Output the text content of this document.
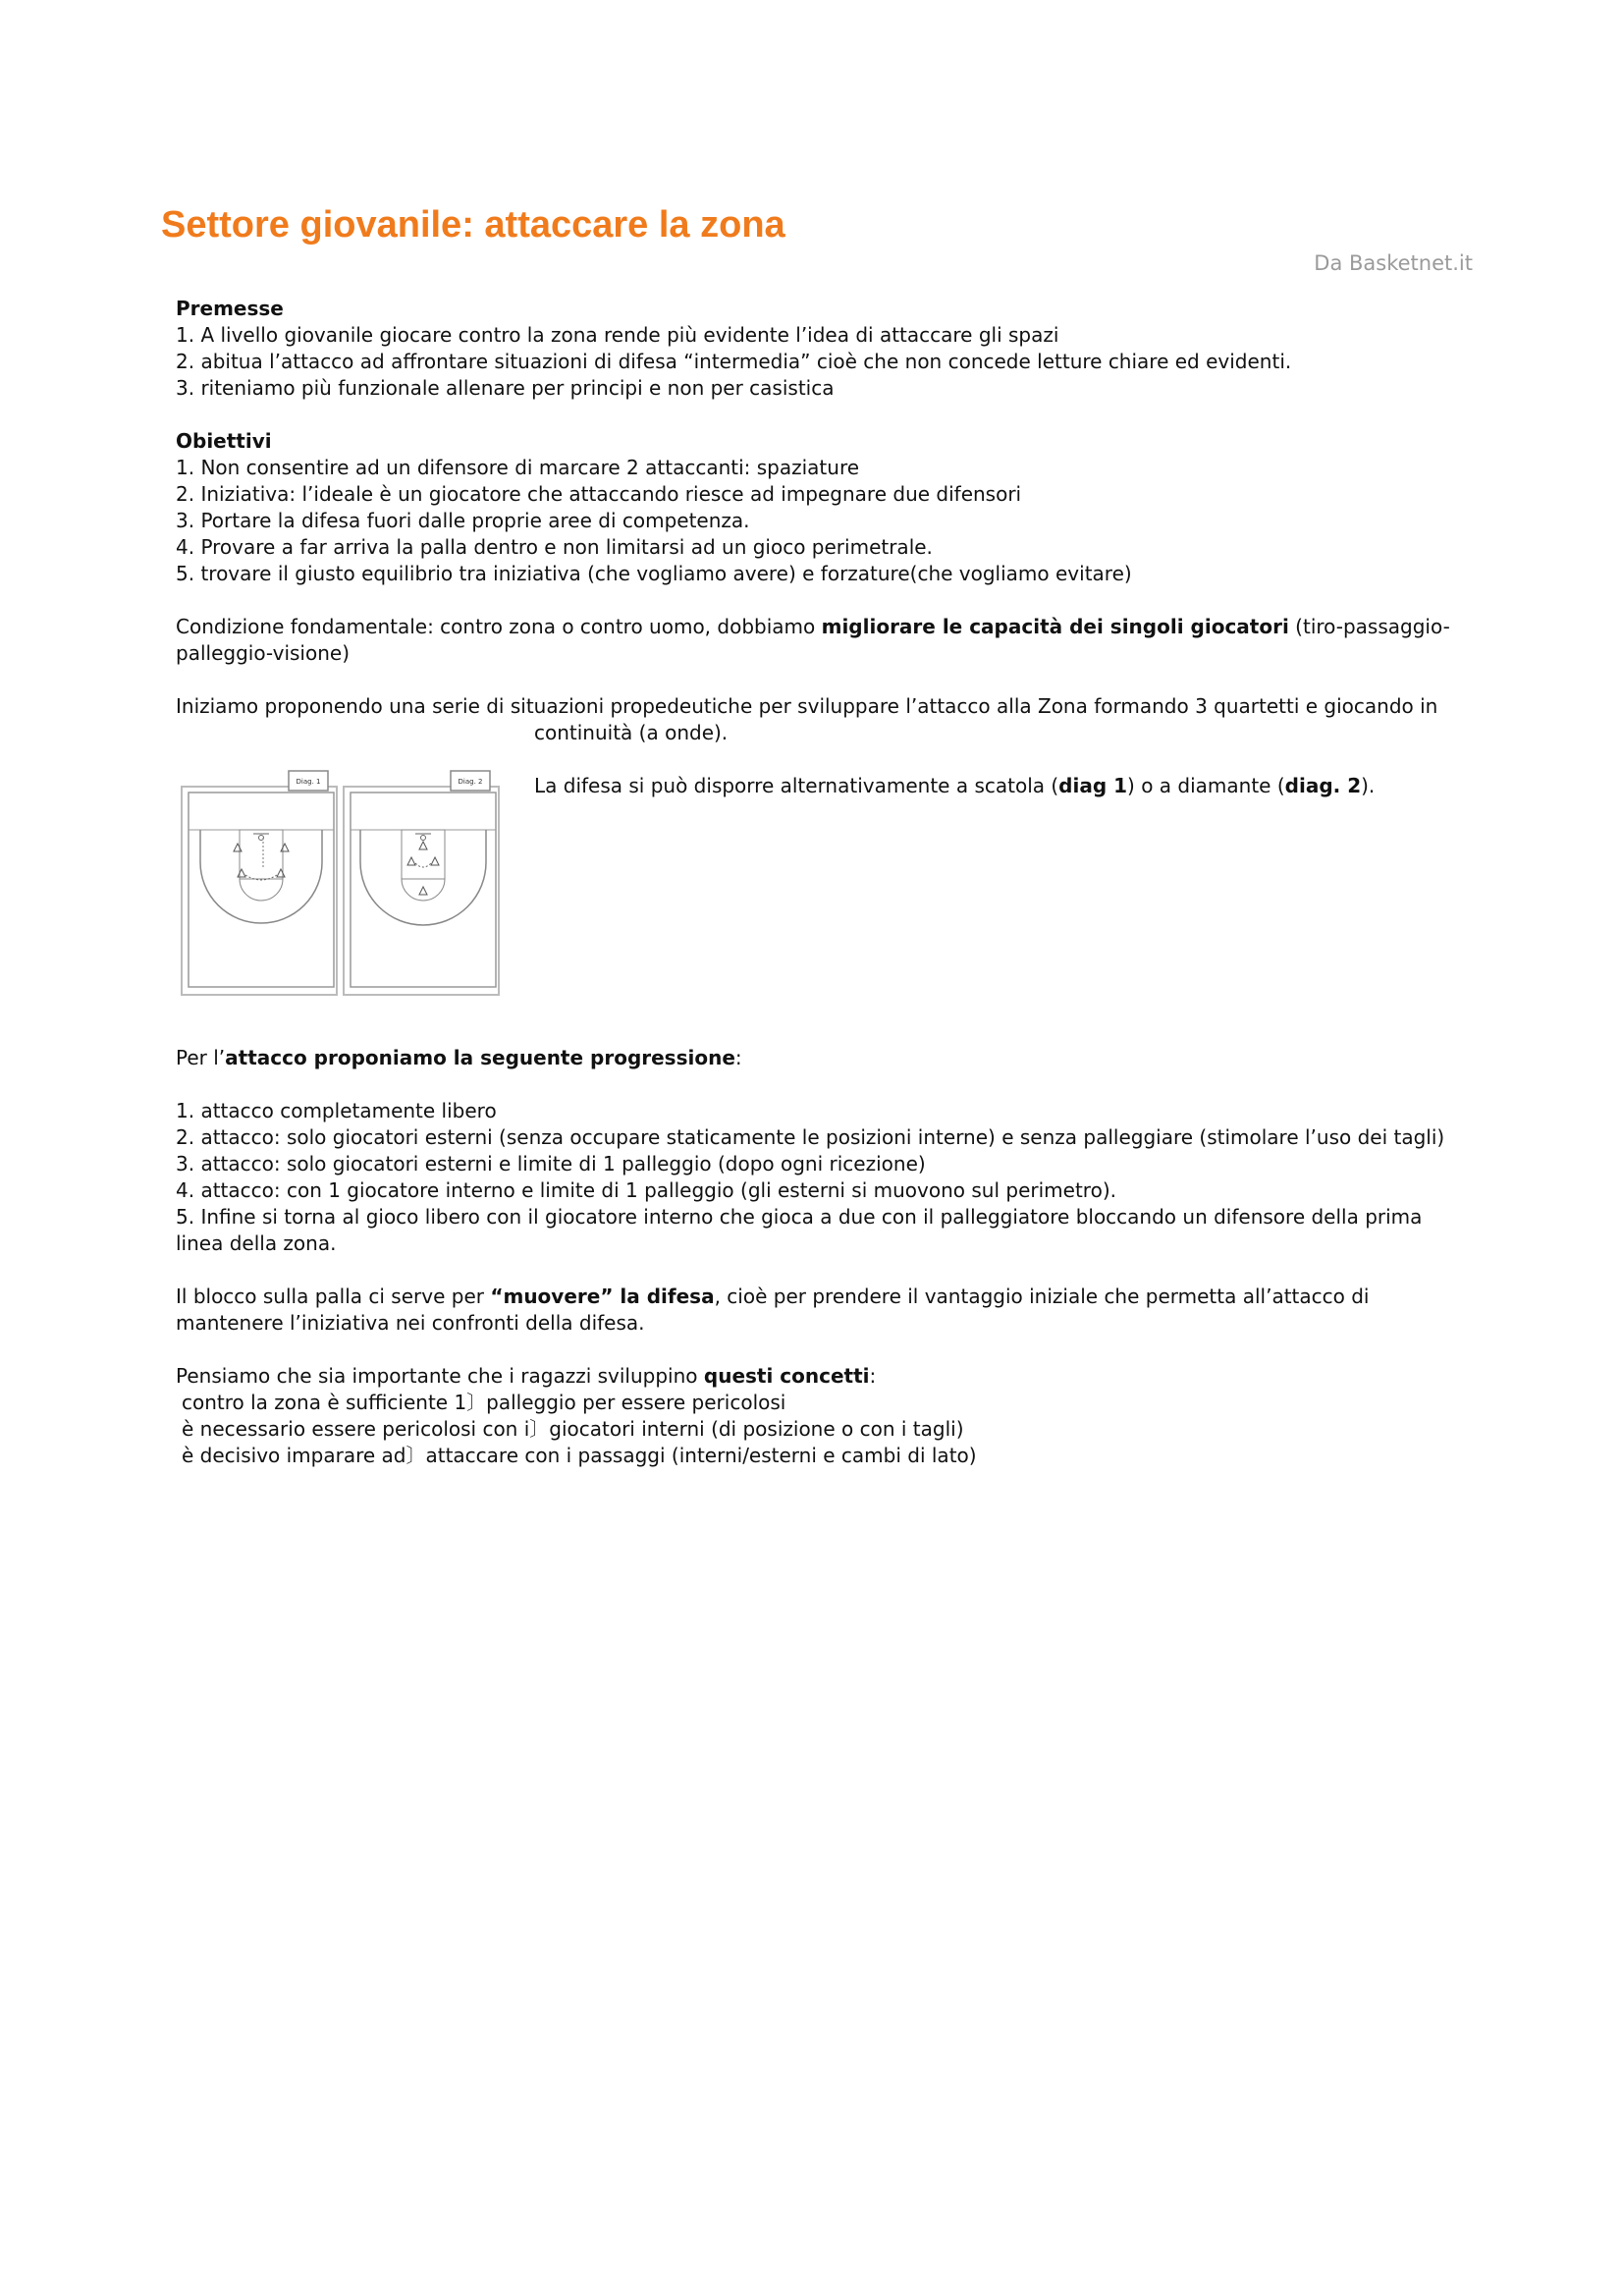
Settore giovanile: attaccare la zona
Da Basketnet.it

Premesse

1. A livello giovanile giocare contro la zona rende più evidente l’idea di attaccare gli spazi

2. abitua l’attacco ad affrontare situazioni di difesa “intermedia” cioè che non concede letture chiare ed evidenti.

3. riteniamo più funzionale allenare per principi e non per casistica

Obiettivi

1. Non consentire ad un difensore di marcare 2 attaccanti: spaziature

2. Iniziativa: l’ideale è un giocatore che attaccando riesce ad impegnare due difensori

3. Portare la difesa fuori dalle proprie aree di competenza.

4. Provare a far arriva la palla dentro e non limitarsi ad un gioco perimetrale.

5. trovare il giusto equilibrio tra iniziativa (che vogliamo avere) e forzature(che vogliamo evitare)

Condizione fondamentale: contro zona o contro uomo, dobbiamo migliorare le capacità dei singoli giocatori (tiro-passaggio-palleggio-visione)

Iniziamo proponendo una serie di situazioni propedeutiche per sviluppare l’attacco alla Zona formando 3 quartetti e giocando in

continuità (a onde).

Diag. 1	Diag. 2	La difesa si può disporre alternativamente a scatola (diag 1) o a diamante (diag. 2).

Per l’attacco proponiamo la seguente progressione:

1. attacco completamente libero

2. attacco: solo giocatori esterni (senza occupare staticamente le posizioni interne) e senza palleggiare (stimolare l’uso dei tagli)

3. attacco: solo giocatori esterni e limite di 1 palleggio (dopo ogni ricezione)

4. attacco: con 1 giocatore interno e limite di 1 palleggio (gli esterni si muovono sul perimetro).

5. Infine si torna al gioco libero con il giocatore interno che gioca a due con il palleggiatore bloccando un difensore della prima linea della zona.

Il blocco sulla palla ci serve per “muovere” la difesa, cioè per prendere il vantaggio iniziale che permetta all’attacco di mantenere l’iniziativa nei confronti della difesa.

Pensiamo che sia importante che i ragazzi sviluppino questi concetti:

contro la zona è sufficiente 1〕palleggio per essere pericolosi

è necessario essere pericolosi con i〕giocatori interni (di posizione o con i tagli)

è decisivo imparare ad〕attaccare con i passaggi (interni/esterni e cambi di lato)
